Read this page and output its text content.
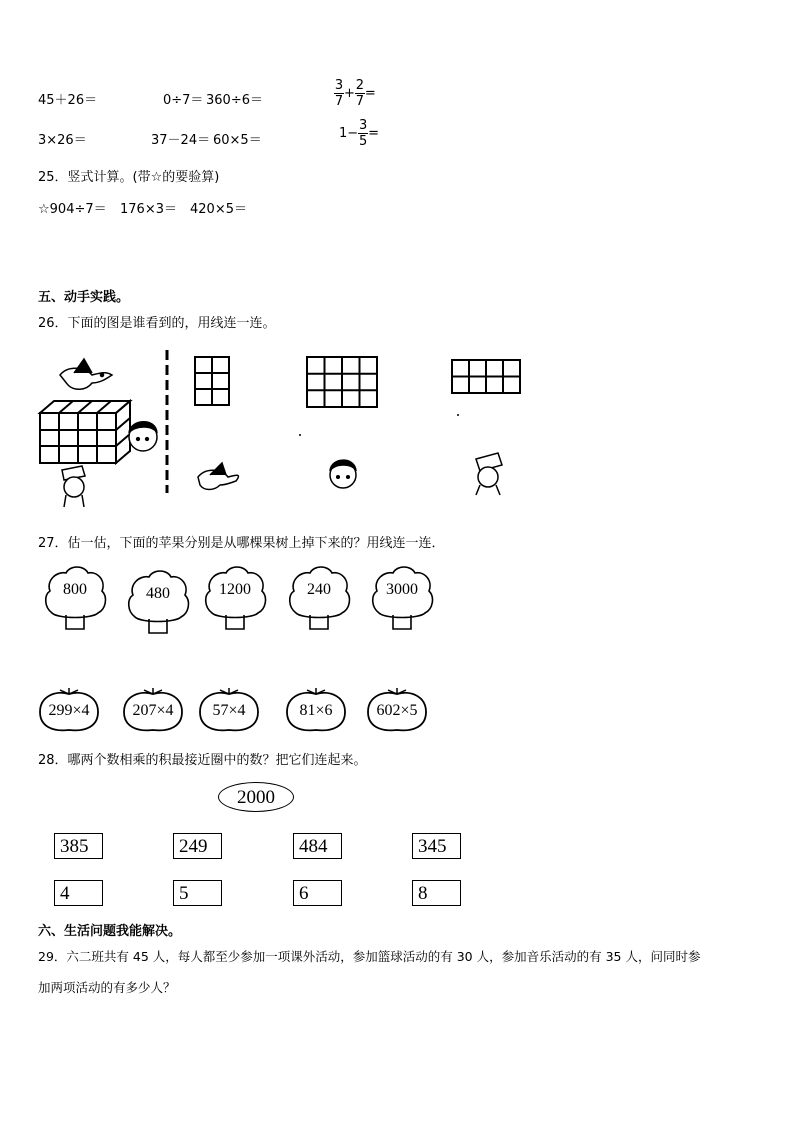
45＋26＝	0÷7＝ 360÷6＝	$\frac{3}{7} + \frac{2}{7}$ =
3×26＝	37－24＝ 60×5＝	$1- \frac{3}{5}$ =
25．竖式计算。(带☆的要验算)
☆904÷7＝ 176×3＝ 420×5＝
五、动手实践。
26．下面的图是谁看到的，用线连一连。
27．估一估，下面的苹果分别是从哪棵果树上掉下来的？用线连一连．
800	480	1200	240	3000
299×4	207×4	57×4	81×6	602×5
28．哪两个数相乘的积最接近圈中的数？把它们连起来。
2000
385	249	484	345
4	5	6	8
六、生活问题我能解决。
29．六二班共有 45 人，每人都至少参加一项课外活动，参加篮球活动的有 30 人，参加音乐活动的有 35 人，问同时参
加两项活动的有多少人？
